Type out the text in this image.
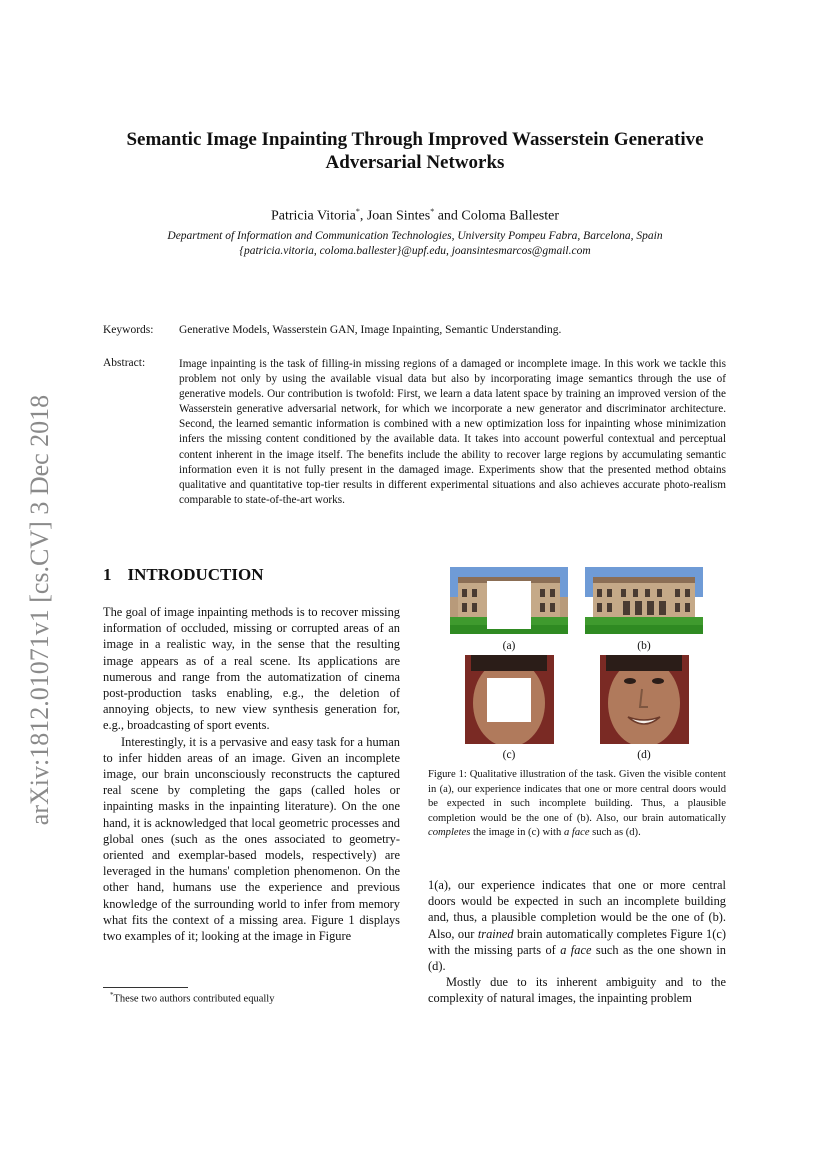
arXiv:1812.01071v1 [cs.CV] 3 Dec 2018
Semantic Image Inpainting Through Improved Wasserstein Generative
Adversarial Networks
Patricia Vitoria*, Joan Sintes* and Coloma Ballester
Department of Information and Communication Technologies, University Pompeu Fabra, Barcelona, Spain
{patricia.vitoria, coloma.ballester}@upf.edu, joansintesmarcos@gmail.com
Keywords: Generative Models, Wasserstein GAN, Image Inpainting, Semantic Understanding.
Abstract:	Image inpainting is the task of filling-in missing regions of a damaged or incomplete image. In this work we tackle this problem not only by using the available visual data but also by incorporating image semantics through the use of generative models. Our contribution is twofold: First, we learn a data latent space by training an improved version of the Wasserstein generative adversarial network, for which we incorporate a new generator and discriminator architecture. Second, the learned semantic information is combined with a new optimization loss for inpainting whose minimization infers the missing content conditioned by the available data. It takes into account powerful contextual and perceptual content inherent in the image itself. The benefits include the ability to recover large regions by accumulating semantic information even it is not fully present in the damaged image. Experiments show that the presented method obtains qualitative and quantitative top-tier results in different experimental situations and also achieves accurate photo-realism comparable to state-of-the-art works.
1 INTRODUCTION

The goal of image inpainting methods is to recover missing information of occluded, missing or corrupted areas of an image in a realistic way, in the sense that the resulting image appears as of a real scene. Its applications are numerous and range from the automatization of cinema post-production tasks enabling, e.g., the deletion of annoying objects, to new view synthesis generation for, e.g., broadcasting of sport events.

Interestingly, it is a pervasive and easy task for a human to infer hidden areas of an image. Given an incomplete image, our brain unconsciously reconstructs the captured real scene by completing the gaps (called holes or inpainting masks in the inpainting literature). On the one hand, it is acknowledged that local geometric processes and global ones (such as the ones associated to geometry-oriented and exemplar-based models, respectively) are leveraged in the humans' completion phenomenon. On the other hand, humans use the experience and previous knowledge of the surrounding world to infer from memory what fits the context of a missing area. Figure 1 displays two examples of it; looking at the image in Figure

*These two authors contributed equally
(a)	(b)
(c)	(d)
Figure 1: Qualitative illustration of the task. Given the visible content in (a), our experience indicates that one or more central doors would be expected in such incomplete building. Thus, a plausible completion would be the one of (b). Also, our brain automatically completes the image in (c) with a face such as (d).

1(a), our experience indicates that one or more central doors would be expected in such an incomplete building and, thus, a plausible completion would be the one of (b). Also, our trained brain automatically completes Figure 1(c) with the missing parts of a face such as the one shown in (d).

Mostly due to its inherent ambiguity and to the complexity of natural images, the inpainting problem
